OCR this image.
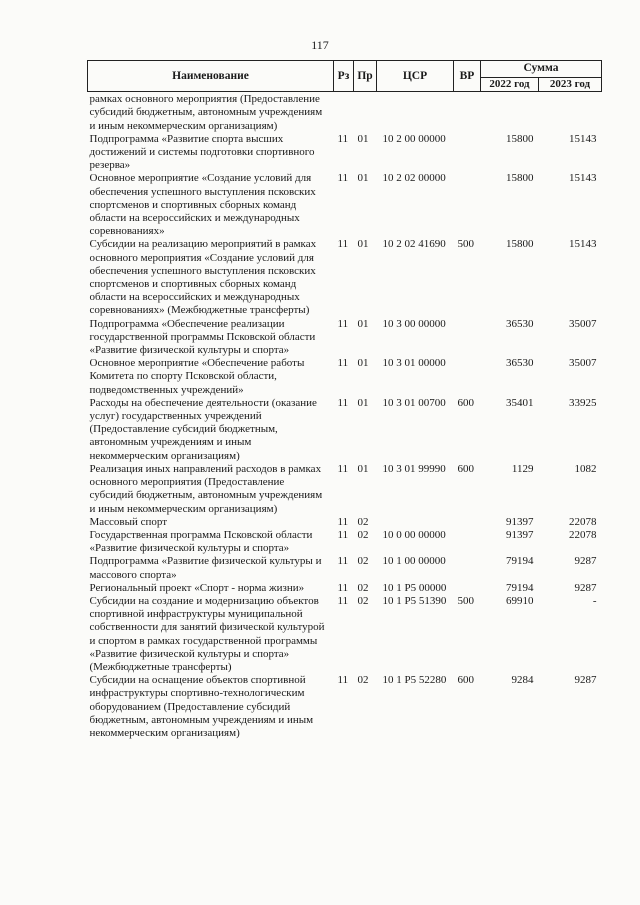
117
Наименование	Рз	Пр	ЦСР	ВР	Сумма	
					2022 год	2023 год
рамках основного мероприятия (Предоставление субсидий бюджетным, автономным учреждениям и иным некоммерческим организациям)						
Подпрограмма «Развитие спорта высших достижений и системы подготовки спортивного резерва»	11	01	10 2 00 00000		15800	15143
Основное мероприятие «Создание условий для обеспечения успешного выступления псковских спортсменов и спортивных сборных команд области на всероссийских и международных соревнованиях»	11	01	10 2 02 00000		15800	15143
Субсидии на реализацию мероприятий в рамках основного мероприятия «Создание условий для обеспечения успешного выступления псковских спортсменов и спортивных сборных команд области на всероссийских и международных соревнованиях» (Межбюджетные трансферты)	11	01	10 2 02 41690	500	15800	15143
Подпрограмма «Обеспечение реализации государственной программы Псковской области «Развитие физической культуры и спорта»	11	01	10 3 00 00000		36530	35007
Основное мероприятие «Обеспечение работы Комитета по спорту Псковской области, подведомственных учреждений»	11	01	10 3 01 00000		36530	35007
Расходы на обеспечение деятельности (оказание услуг) государственных учреждений (Предоставление субсидий бюджетным, автономным учреждениям и иным некоммерческим организациям)	11	01	10 3 01 00700	600	35401	33925
Реализация иных направлений расходов в рамках основного мероприятия (Предоставление субсидий бюджетным, автономным учреждениям и иным некоммерческим организациям)	11	01	10 3 01 99990	600	1129	1082
Массовый спорт	11	02			91397	22078
Государственная программа Псковской области «Развитие физической культуры и спорта»	11	02	10 0 00 00000		91397	22078
Подпрограмма «Развитие физической культуры и массового спорта»	11	02	10 1 00 00000		79194	9287
Региональный проект «Спорт - норма жизни»	11	02	10 1 Р5 00000		79194	9287
Субсидии на создание и модернизацию объектов спортивной инфраструктуры муниципальной собственности для занятий физической культурой и спортом в рамках государственной программы «Развитие физической культуры и спорта» (Межбюджетные трансферты)	11	02	10 1 Р5 51390	500	69910	-
Субсидии на оснащение объектов спортивной инфраструктуры спортивно-технологическим оборудованием (Предоставление субсидий бюджетным, автономным учреждениям и иным некоммерческим организациям)	11	02	10 1 Р5 52280	600	9284	9287
